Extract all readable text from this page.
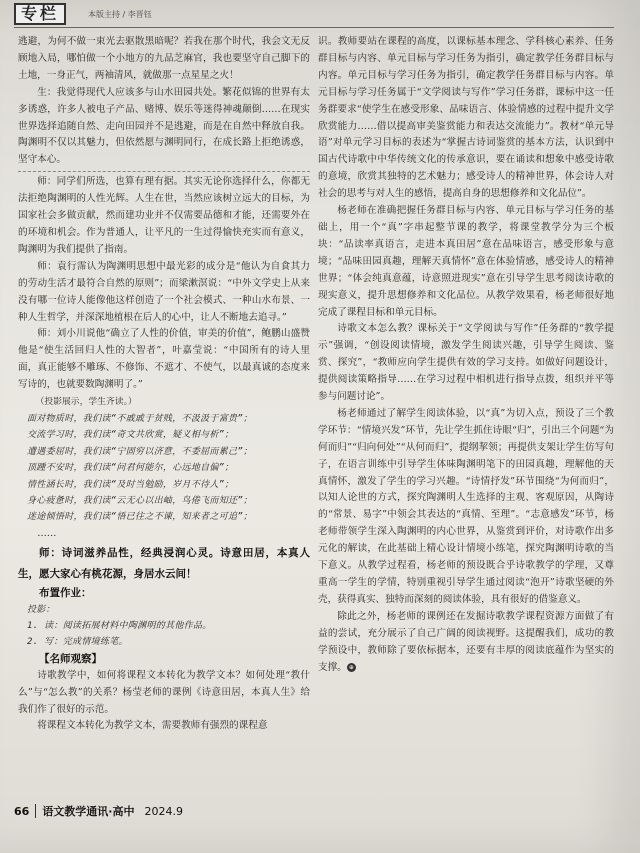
专栏	本版主持 / 李晋钰

逃避，为何不做一束光去驱散黑暗呢？若我在那个时代，我会文无反顾地入局，哪怕做一个小地方的九品芝麻官，我也要坚守自己脚下的土地，一身正气，两袖清风，就做那一点星星之火！

生：我觉得现代人应该多与山水田园共处。繁花似锦的世界有太多诱惑，许多人被电子产品、赌博、娱乐等迷得神魂颠倒……在现实世界选择追随自然、走向田园并不是逃避，而是在自然中释放自我。陶渊明不仅以其魅力，但依然愿与渊明同行，在成长路上拒绝诱惑，坚守本心。

师：同学们所选，也算有理有据。其实无论你选择什么，你都无法拒绝陶渊明的人性光辉。人生在世，当然应该树立远大的目标，为国家社会多做贡献，然而建功业并不仅需要品德和才能，还需要外在的环境和机会。作为普通人，让平凡的一生过得愉快充实而有意义，陶渊明为我们提供了指南。

师：袁行霈认为陶渊明思想中最光彩的成分是“他认为自食其力的劳动生活才最符合自然的原则”；而梁漱溟说：“中外文学史上从来没有哪一位诗人能像他这样创造了一个社会模式、一种山水布景、一种人生哲学，并深深地植根在后人的心中，让人不断地去追寻。”

师：刘小川说他“确立了人性的价值，审美的价值”，鲍鹏山盛赞他是“使生活回归人性的大智者”，叶嘉莹说：“中国所有的诗人里面，真正能够不雕琢、不修饰、不遮才、不使气，以最真诚的态度来写诗的，也就要数陶渊明了。”

（投影展示，学生齐读。）

面对物质时，我们读“不戚戚于贫贱，不汲汲于富贵”；

交流学习时，我们读“奇文共欣赏，疑义相与析”；

遭遇委屈时，我们读“宁固穷以济意，不委屈而累己”；

顶踵不安时，我们读“问君何能尔，心远地自偏”；

情性涵长时，我们读“及时当勉励，岁月不待人”；

身心疲惫时，我们读“云无心以出岫，鸟倦飞而知还”；

迷途倾悟时，我们读“悟已往之不谏，知来者之可追”；

……

师：诗词滋养品性，经典浸润心灵。诗意田居，本真人生，愿大家心有桃花源，身居水云间！

布置作业：

投影：

1. 读：阅读拓展材料中陶渊明的其他作品。

2. 写：完成情境练笔。

【名师观察】

诗歌教学中，如何将课程文本转化为教学文本？如何处理“教什么”与“怎么教”的关系？杨莹老师的课例《诗意田居，本真人生》给我们作了很好的示范。

将课程文本转化为教学文本，需要教师有强烈的课程意

识。教师要站在课程的高度，以课标基本理念、学科核心素养、任务群目标与内容、单元目标与学习任务为指引，确定教学任务群目标与内容。单元目标与学习任务为指引，确定教学任务群目标与内容。单元目标与学习任务属于“文学阅读与写作”学习任务群，课标中这一任务群要求“使学生在感受形象、品味语言、体验情感的过程中提升文学欣赏能力……借以提高审美鉴赏能力和表达交流能力”。教材“单元导语”对单元学习目标的表述为“掌握古诗词鉴赏的基本方法，认识到中国古代诗歌中中华传统文化的传承意识，要在诵读和想象中感受诗歌的意境，欣赏其独特的艺术魅力；感受诗人的精神世界，体会诗人对社会的思考与对人生的感悟，提高自身的思想修养和文化品位”。

杨老师在准确把握任务群目标与内容、单元目标与学习任务的基础上，用一个“真”字串起整节课的教学，将课堂教学分为三个板块：“品读率真语言，走进本真田居”意在品味语言，感受形象与意境；“品味田园真趣，理解天真情怀”意在体验情感，感受诗人的精神世界；“体会纯真意蕴，诗意照进现实”意在引导学生思考阅读诗歌的现实意义，提升思想修养和文化品位。从教学效果看，杨老师很好地完成了课程目标和单元目标。

诗歌文本怎么教？课标关于“文学阅读与写作”任务群的“教学提示”强调，“创设阅读情境，激发学生阅读兴趣，引导学生阅读、鉴赏、探究”，“教师应向学生提供有效的学习支持。如做好问题设计，提供阅读策略指导……在学习过程中相机进行指导点拨，组织并平等参与问题讨论”。

杨老师通过了解学生阅读体验，以“真”为切入点，预设了三个教学环节：“情境兴发”环节，先让学生抓住诗眼“归”，引出三个问题“为何而归”“归向何处”“从何而归”，提纲挈领；再提供支架让学生仿写句子，在语言训练中引导学生体味陶渊明笔下的田园真趣，理解他的天真情怀，激发了学生的学习兴趣。“诗情抒发”环节围绕“为何而归”，以知人论世的方式，探究陶渊明人生选择的主观、客观原因，从陶诗的“常景、易字”中领会其表达的“真情、至理”。“志意感发”环节，杨老师带领学生深入陶渊明的内心世界，从鉴赏到评价，对诗歌作出多元化的解读，在此基础上精心设计情境小练笔，探究陶渊明诗歌的当下意义。从教学过程看，杨老师的预设既合乎诗歌教学的学理，又尊重高一学生的学情，特别重视引导学生通过阅读“泡开”诗歌坚硬的外壳，获得真实、独特而深刻的阅读体验，具有很好的借鉴意义。

除此之外，杨老师的课例还在发掘诗歌教学课程资源方面做了有益的尝试，充分展示了自己广阔的阅读视野。这提醒我们，成功的教学预设中，教师除了要依标据本，还要有丰厚的阅读底蕴作为坚实的支撑。 ⊕

66 语文教学通讯·高中 2024.9
